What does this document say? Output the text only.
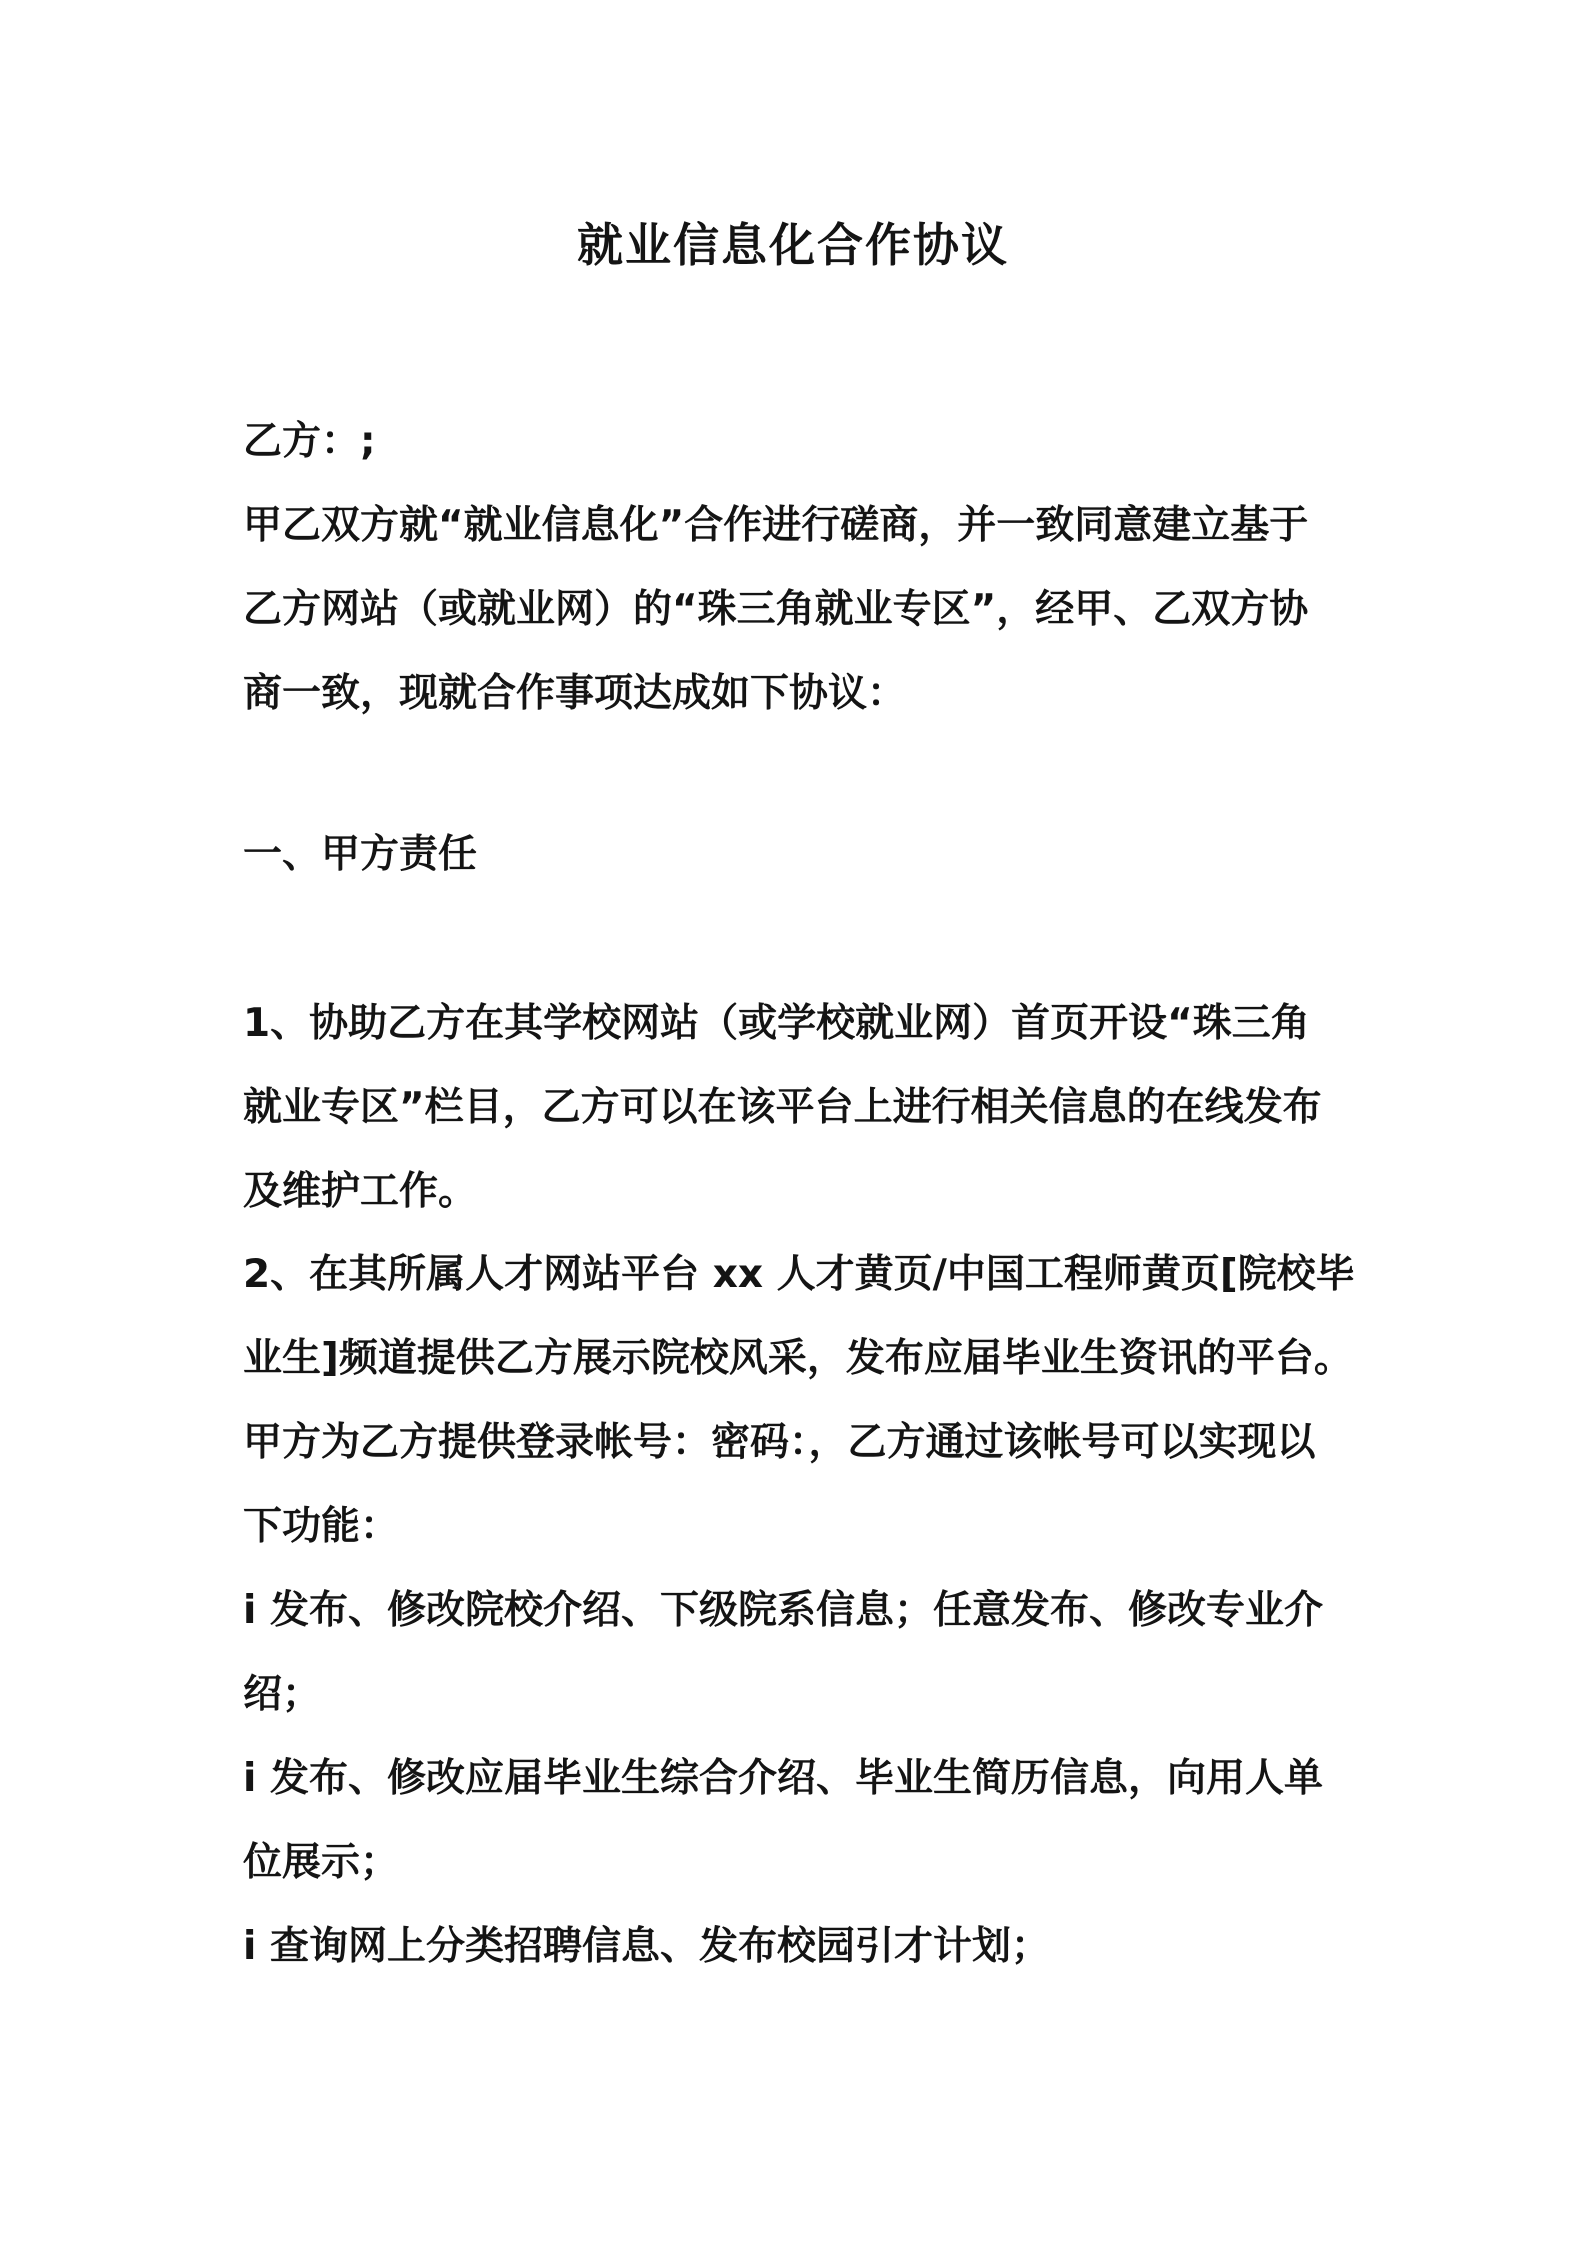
就业信息化合作协议

乙方：;

甲乙双方就“就业信息化”合作进行磋商，并一致同意建立基于
乙方网站（或就业网）的“珠三角就业专区”，经甲、乙双方协
商一致，现就合作事项达成如下协议：

一、甲方责任

1、协助乙方在其学校网站（或学校就业网）首页开设“珠三角
就业专区”栏目，乙方可以在该平台上进行相关信息的在线发布
及维护工作。

2、在其所属人才网站平台 xx 人才黄页/中国工程师黄页[院校毕
业生]频道提供乙方展示院校风采，发布应届毕业生资讯的平台。
甲方为乙方提供登录帐号：密码：，乙方通过该帐号可以实现以
下功能：

i 发布、修改院校介绍、下级院系信息；任意发布、修改专业介
绍；

i 发布、修改应届毕业生综合介绍、毕业生简历信息，向用人单
位展示；

i 查询网上分类招聘信息、发布校园引才计划；
